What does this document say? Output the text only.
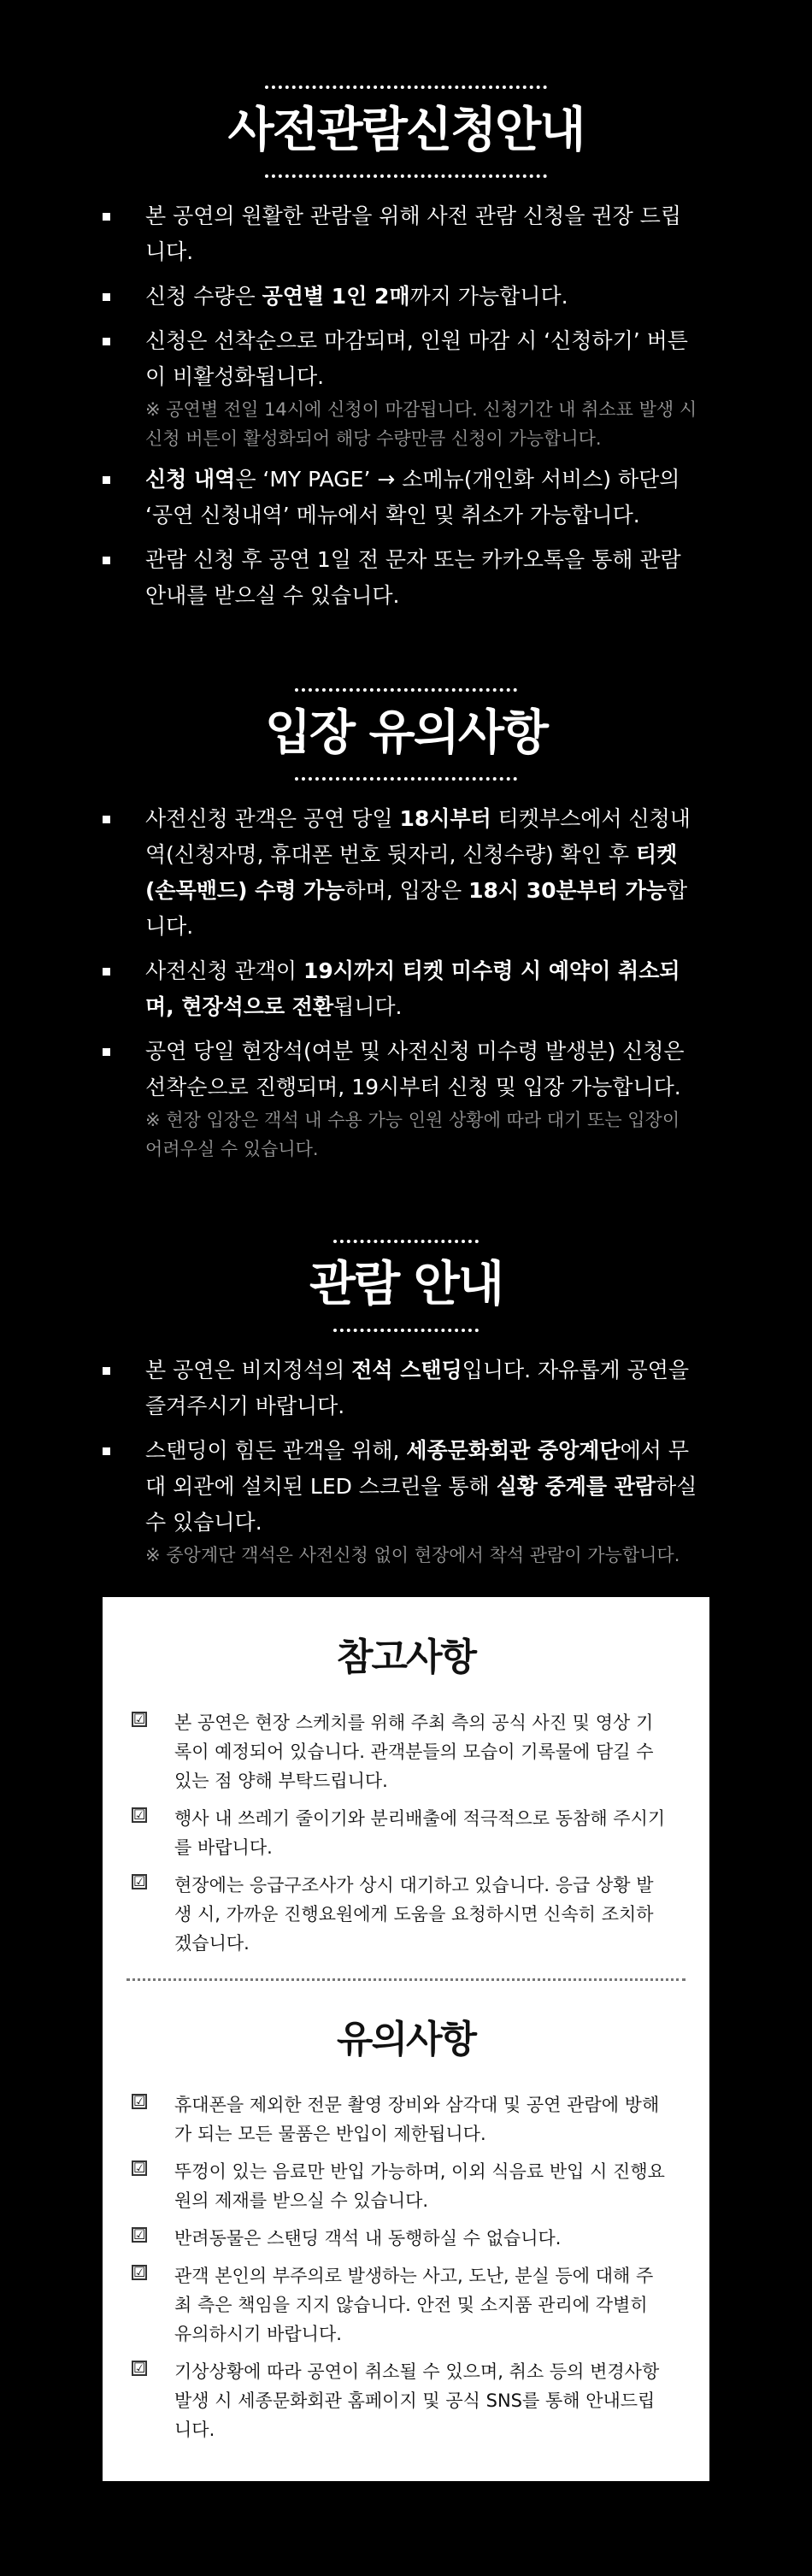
사전관람신청안내
본 공연의 원활한 관람을 위해 사전 관람 신청을 권장 드립니다.
신청 수량은 공연별 1인 2매까지 가능합니다.
신청은 선착순으로 마감되며, 인원 마감 시 ‘신청하기’ 버튼이 비활성화됩니다.
※ 공연별 전일 14시에 신청이 마감됩니다. 신청기간 내 취소표 발생 시 신청 버튼이 활성화되어 해당 수량만큼 신청이 가능합니다.
신청 내역은 ‘MY PAGE’ → 소메뉴(개인화 서비스) 하단의 ‘공연 신청내역’ 메뉴에서 확인 및 취소가 가능합니다.
관람 신청 후 공연 1일 전 문자 또는 카카오톡을 통해 관람안내를 받으실 수 있습니다.
입장 유의사항
사전신청 관객은 공연 당일 18시부터 티켓부스에서 신청내역(신청자명, 휴대폰 번호 뒷자리, 신청수량) 확인 후 티켓(손목밴드) 수령 가능하며, 입장은 18시 30분부터 가능합니다.
사전신청 관객이 19시까지 티켓 미수령 시 예약이 취소되며, 현장석으로 전환됩니다.
공연 당일 현장석(여분 및 사전신청 미수령 발생분) 신청은 선착순으로 진행되며, 19시부터 신청 및 입장 가능합니다.
※ 현장 입장은 객석 내 수용 가능 인원 상황에 따라 대기 또는 입장이 어려우실 수 있습니다.
관람 안내
본 공연은 비지정석의 전석 스탠딩입니다. 자유롭게 공연을 즐겨주시기 바랍니다.
스탠딩이 힘든 관객을 위해, 세종문화회관 중앙계단에서 무대 외관에 설치된 LED 스크린을 통해 실황 중계를 관람하실 수 있습니다.
※ 중앙계단 객석은 사전신청 없이 현장에서 착석 관람이 가능합니다.
참고사항
☑ 본 공연은 현장 스케치를 위해 주최 측의 공식 사진 및 영상 기록이 예정되어 있습니다. 관객분들의 모습이 기록물에 담길 수 있는 점 양해 부탁드립니다.
☑ 행사 내 쓰레기 줄이기와 분리배출에 적극적으로 동참해 주시기를 바랍니다.
☑ 현장에는 응급구조사가 상시 대기하고 있습니다. 응급 상황 발생 시, 가까운 진행요원에게 도움을 요청하시면 신속히 조치하겠습니다.
유의사항
☑ 휴대폰을 제외한 전문 촬영 장비와 삼각대 및 공연 관람에 방해가 되는 모든 물품은 반입이 제한됩니다.
☑ 뚜껑이 있는 음료만 반입 가능하며, 이외 식음료 반입 시 진행요원의 제재를 받으실 수 있습니다.
☑ 반려동물은 스탠딩 객석 내 동행하실 수 없습니다.
☑ 관객 본인의 부주의로 발생하는 사고, 도난, 분실 등에 대해 주최 측은 책임을 지지 않습니다. 안전 및 소지품 관리에 각별히 유의하시기 바랍니다.
☑ 기상상황에 따라 공연이 취소될 수 있으며, 취소 등의 변경사항 발생 시 세종문화회관 홈페이지 및 공식 SNS를 통해 안내드립니다.
